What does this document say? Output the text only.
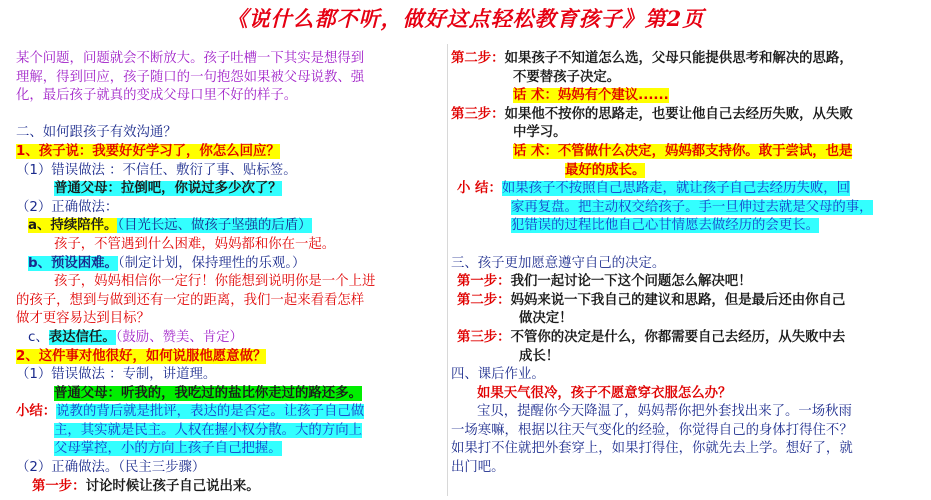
《说什么都不听，做好这点轻松教育孩子》第2页
某个问题，问题就会不断放大。孩子吐槽一下其实是想得到
理解，得到回应，孩子随口的一句抱怨如果被父母说教、强
化，最后孩子就真的变成父母口里不好的样子。
二、如何跟孩子有效沟通？
1、孩子说：我要好好学习了，你怎么回应？
（1）错误做法 ：不信任、敷衍了事、贴标签。
普通父母：拉倒吧，你说过多少次了？
（2）正确做法：
a、持续陪伴。（目光长远、做孩子坚强的后盾）
孩子，不管遇到什么困难，妈妈都和你在一起。
b、预设困难。（制定计划，保持理性的乐观。）
孩子，妈妈相信你一定行！你能想到说明你是一个上进
的孩子，想到与做到还有一定的距离，我们一起来看看怎样
做才更容易达到目标？
c、表达信任。（鼓励、赞美、肯定）
2、这件事对他很好，如何说服他愿意做？
（1）错误做法 ：专制，讲道理。
普通父母：听我的，我吃过的盐比你走过的路还多。
小结：说教的背后就是批评，表达的是否定。让孩子自己做
主，其实就是民主。人权在握小权分散。大的方向上
父母掌控，小的方向上孩子自己把握。
（2）正确做法。（民主三步骤）
第一步：讨论时候让孩子自己说出来。
第二步：如果孩子不知道怎么选，父母只能提供思考和解决的思路，
不要替孩子决定。
话 术：妈妈有个建议......
第三步：如果他不按你的思路走，也要让他自己去经历失败，从失败
中学习。
话 术：不管做什么决定，妈妈都支持你。敢于尝试，也是
最好的成长。
小 结：如果孩子不按照自己思路走，就让孩子自己去经历失败，回
家再复盘。把主动权交给孩子。手一旦伸过去就是父母的事，
犯错误的过程比他自己心甘情愿去做经历的会更长。
三、孩子更加愿意遵守自己的决定。
第一步：我们一起讨论一下这个问题怎么解决吧！
第二步：妈妈来说一下我自己的建议和思路，但是最后还由你自己
做决定！
第三步：不管你的决定是什么，你都需要自己去经历，从失败中去
成长！
四、课后作业。
如果天气很冷，孩子不愿意穿衣服怎么办？
宝贝，提醒你今天降温了，妈妈帮你把外套找出来了。一场秋雨
一场寒嘛，根据以往天气变化的经验，你觉得自己的身体打得住不？
如果打不住就把外套穿上，如果打得住，你就先去上学。想好了，就
出门吧。
